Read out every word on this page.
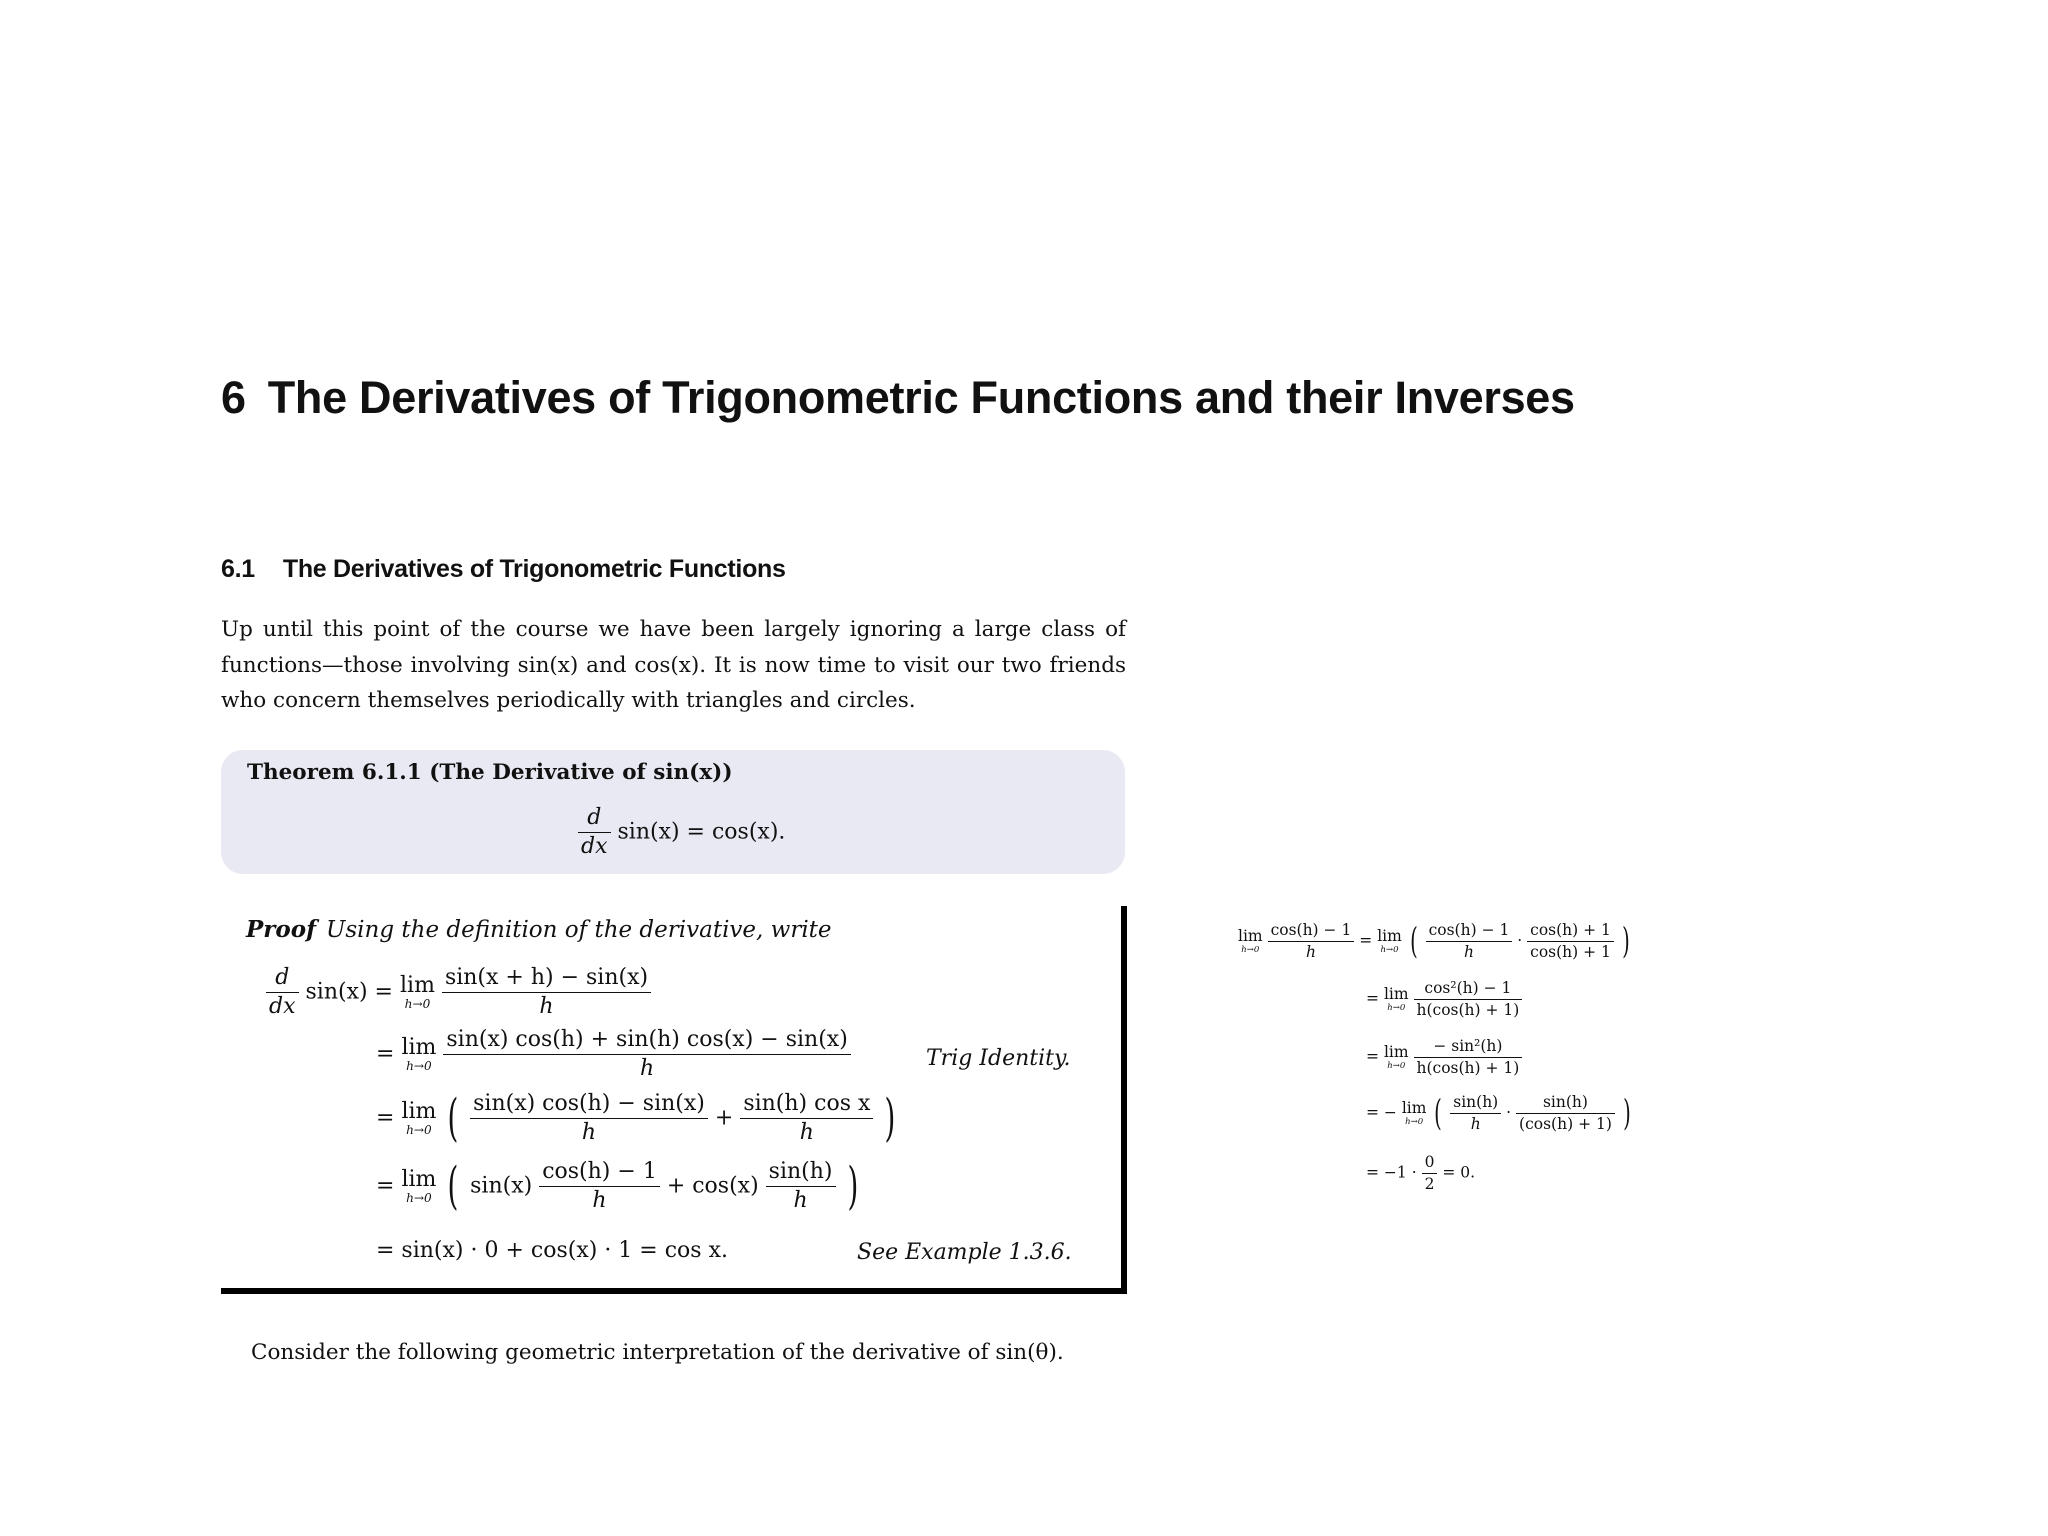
6 The Derivatives of Trigonometric Functions and their Inverses
6.1 The Derivatives of Trigonometric Functions
Up until this point of the course we have been largely ignoring a large class of
functions—those involving sin(x) and cos(x). It is now time to visit our two friends
who concern themselves periodically with triangles and circles.
Theorem 6.1.1 (The Derivative of sin(x))
$\frac{d}{dx} \sin(x) = \cos(x)$.
Proof Using the definition of the derivative, write
$\frac{d}{dx} \sin(x) = \lim$
h→0
$\frac{\sin(x + h) - \sin(x)}{h}$
= lim
h→0
$\frac{\sin(x) \cos(h) + \sin(h) \cos(x) - \sin(x)}{h}$	Trig Identity.
= lim
h→0 ( $\frac{\sin(x) \cos(h) - \sin(x)}{h} + \frac{\text{sin(h) cos x}}{h}$ )
= lim
h→0 ( $\sin(x) \frac{\cos(h) - 1}{h} + \cos(x) \frac{\sin(h)}{h}$ )
= sin(x) · 0 + cos(x) · 1 = cos x.	See Example 1.3.6.
lim
h→0
$\frac{\cos(h) - 1}{h} = \lim$
h→0 ( $\frac{\cos(h) - 1}{h} \cdot \frac{\cos(h) + 1}{\cos(h) + 1}$ )
= lim
h→0
$\frac{\text{cos²(h) − 1}}{h(\cos(h) + 1)}$
= lim
h→0
$\frac{\text{− sin²(h)}}{h(\cos(h) + 1)}$
= − lim
h→0 ( $\frac{\sin(h)}{h} \cdot \frac{\sin(h)}{(\cos(h) + 1)}$ )
= $-1 \cdot \frac{0}{2} = 0$.
Consider the following geometric interpretation of the derivative of sin(θ).
